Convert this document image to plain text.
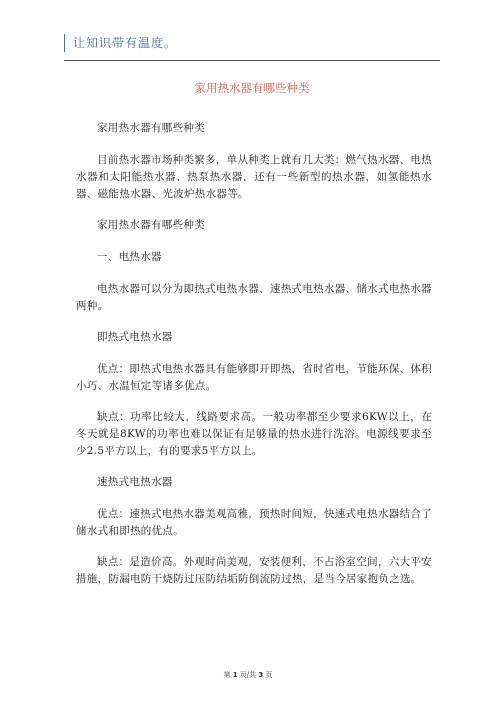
让知识带有温度。
家用热水器有哪些种类

家用热水器有哪些种类

目前热水器市场种类繁多，单从种类上就有几大类：燃气热水器、电热水器和太阳能热水器、热泵热水器，还有一些新型的热水器，如氢能热水器、磁能热水器、光波炉热水器等。

家用热水器有哪些种类

一、电热水器

电热水器可以分为即热式电热水器、速热式电热水器、储水式电热水器两种。

即热式电热水器

优点：即热式电热水器具有能够即开即热，省时省电，节能环保、体积小巧、水温恒定等诸多优点。

缺点：功率比较大，线路要求高。一般功率都至少要求6KW以上，在冬天就是8KW的功率也难以保证有足够量的热水进行洗浴。电源线要求至少2.5平方以上，有的要求5平方以上。

速热式电热水器

优点：速热式电热水器美观高雅，预热时间短，快速式电热水器结合了储水式和即热的优点。

缺点：是造价高。外观时尚美观，安装便利，不占浴室空间，六大平安措施，防漏电防干烧防过压防结垢防倒流防过热，是当今居家抱负之选。

第 1 页/共 3 页
